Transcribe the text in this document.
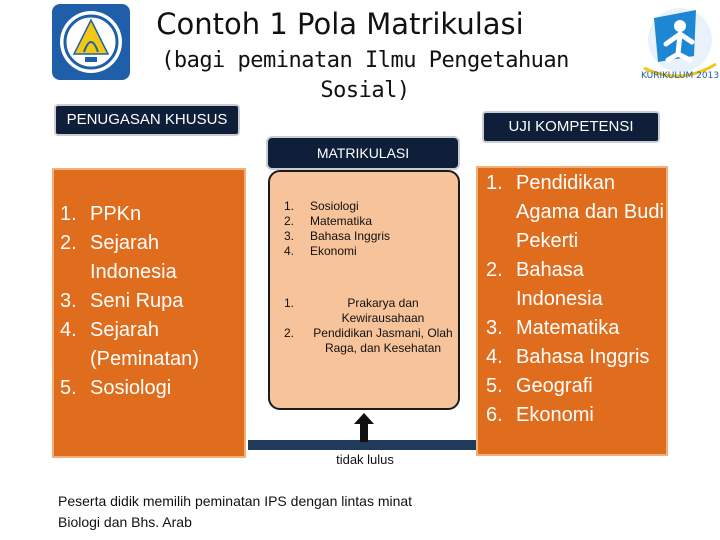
Contoh 1 Pola Matrikulasi
(bagi peminatan Ilmu Pengetahuan Sosial)
KURIKULUM 2013
PENUGASAN KHUSUS	UJI KOMPETENSI
MATRIKULASI
1. PPKn
2. Sejarah Indonesia
3. Seni Rupa
4. Sejarah (Peminatan)
5. Sosiologi
1.	Sosiologi
2.	Matematika
3.	Bahasa Inggris
4.	Ekonomi
1.	Prakarya dan Kewirausahaan
2.	Pendidikan Jasmani, Olah Raga, dan Kesehatan
1. Pendidikan Agama dan Budi Pekerti
2. Bahasa Indonesia
3. Matematika
4. Bahasa Inggris
5. Geografi
6. Ekonomi
tidak lulus
Peserta didik memilih peminatan IPS dengan lintas minat Biologi dan Bhs. Arab
